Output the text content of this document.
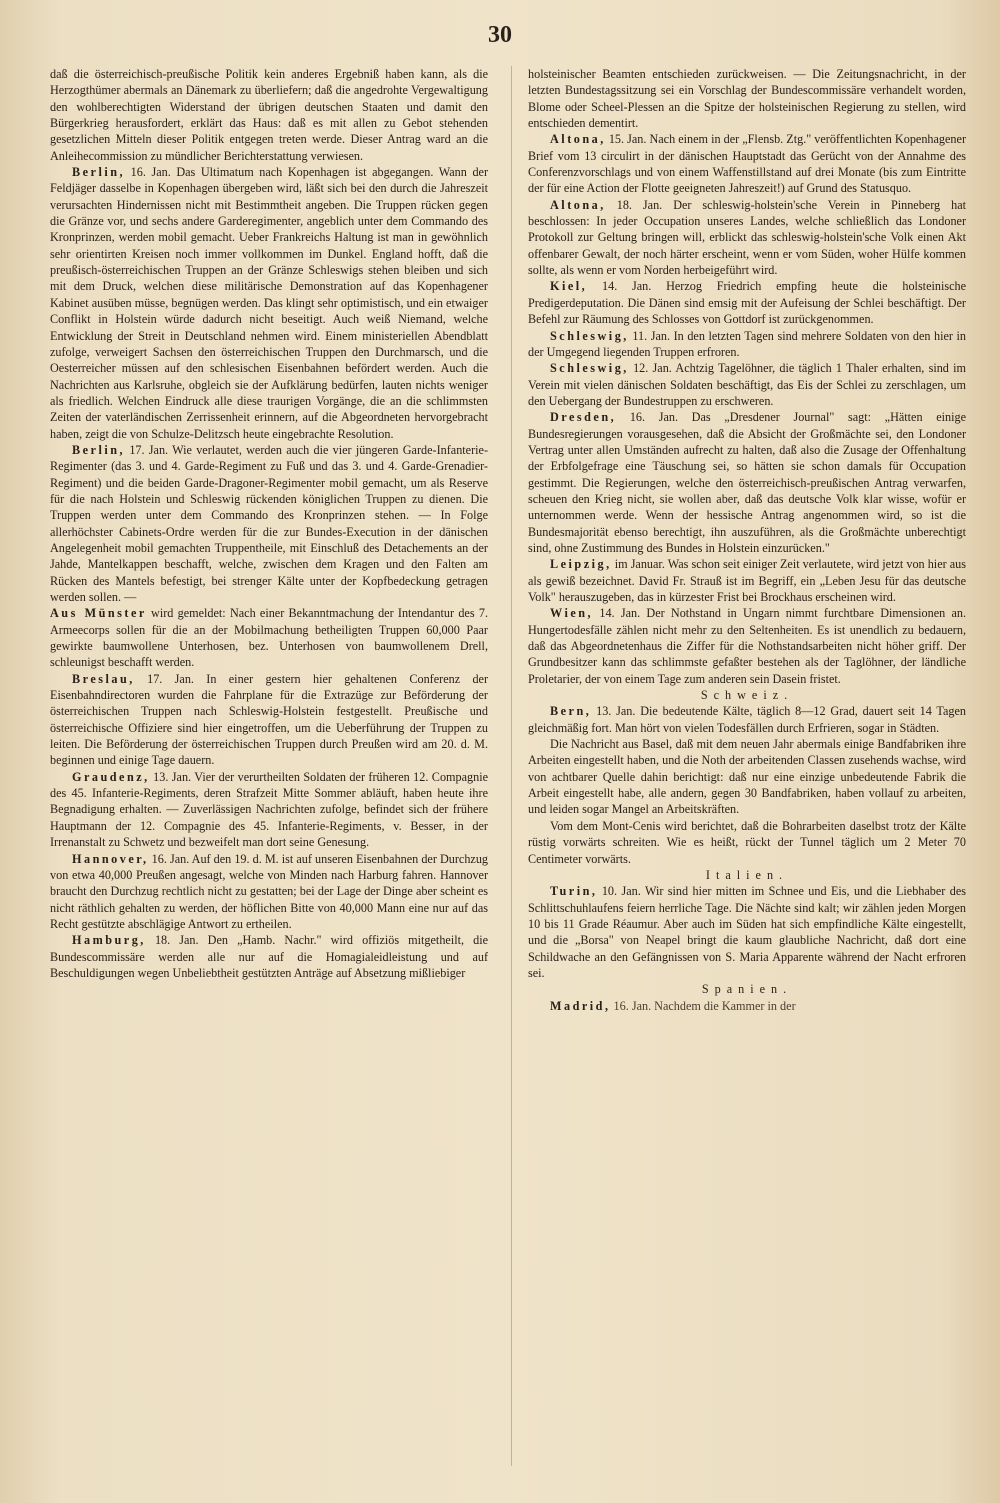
30

daß die österreichisch-preußische Politik kein anderes Ergebniß haben kann, als die Herzogthümer abermals an Dänemark zu überliefern; daß die angedrohte Vergewaltigung den wohlberechtigten Widerstand der übrigen deutschen Staaten und damit den Bürgerkrieg herausfordert, erklärt das Haus: daß es mit allen zu Gebot stehenden gesetzlichen Mitteln dieser Politik entgegen treten werde. Dieser Antrag ward an die Anleihecommission zu mündlicher Berichterstattung verwiesen.

Berlin, 16. Jan. Das Ultimatum nach Kopenhagen ist abgegangen. Wann der Feldjäger dasselbe in Kopenhagen übergeben wird, läßt sich bei den durch die Jahreszeit verursachten Hindernissen nicht mit Bestimmtheit angeben. Die Truppen rücken gegen die Gränze vor, und sechs andere Garderegimenter, angeblich unter dem Commando des Kronprinzen, werden mobil gemacht. Ueber Frankreichs Haltung ist man in gewöhnlich sehr orientirten Kreisen noch immer vollkommen im Dunkel. England hofft, daß die preußisch-österreichischen Truppen an der Gränze Schleswigs stehen bleiben und sich mit dem Druck, welchen diese militärische Demonstration auf das Kopenhagener Kabinet ausüben müsse, begnügen werden. Das klingt sehr optimistisch, und ein etwaiger Conflikt in Holstein würde dadurch nicht beseitigt. Auch weiß Niemand, welche Entwicklung der Streit in Deutschland nehmen wird. Einem ministeriellen Abendblatt zufolge, verweigert Sachsen den österreichischen Truppen den Durchmarsch, und die Oesterreicher müssen auf den schlesischen Eisenbahnen befördert werden. Auch die Nachrichten aus Karlsruhe, obgleich sie der Aufklärung bedürfen, lauten nichts weniger als friedlich. Welchen Eindruck alle diese traurigen Vorgänge, die an die schlimmsten Zeiten der vaterländischen Zerrissenheit erinnern, auf die Abgeordneten hervorgebracht haben, zeigt die von Schulze-Delitzsch heute eingebrachte Resolution.

Berlin, 17. Jan. Wie verlautet, werden auch die vier jüngeren Garde-Infanterie-Regimenter (das 3. und 4. Garde-Regiment zu Fuß und das 3. und 4. Garde-Grenadier-Regiment) und die beiden Garde-Dragoner-Regimenter mobil gemacht, um als Reserve für die nach Holstein und Schleswig rückenden königlichen Truppen zu dienen. Die Truppen werden unter dem Commando des Kronprinzen stehen. — In Folge allerhöchster Cabinets-Ordre werden für die zur Bundes-Execution in der dänischen Angelegenheit mobil gemachten Truppentheile, mit Einschluß des Detachements an der Jahde, Mantelkappen beschafft, welche, zwischen dem Kragen und den Falten am Rücken des Mantels befestigt, bei strenger Kälte unter der Kopfbedeckung getragen werden sollen. —

Aus Münster wird gemeldet: Nach einer Bekanntmachung der Intendantur des 7. Armeecorps sollen für die an der Mobilmachung betheiligten Truppen 60,000 Paar gewirkte baumwollene Unterhosen, bez. Unterhosen von baumwollenem Drell, schleunigst beschafft werden.

Breslau, 17. Jan. In einer gestern hier gehaltenen Conferenz der Eisenbahndirectoren wurden die Fahrplane für die Extrazüge zur Beförderung der österreichischen Truppen nach Schleswig-Holstein festgestellt. Preußische und österreichische Offiziere sind hier eingetroffen, um die Ueberführung der Truppen zu leiten. Die Beförderung der österreichischen Truppen durch Preußen wird am 20. d. M. beginnen und einige Tage dauern.

Graudenz, 13. Jan. Vier der verurtheilten Soldaten der früheren 12. Compagnie des 45. Infanterie-Regiments, deren Strafzeit Mitte Sommer abläuft, haben heute ihre Begnadigung erhalten. — Zuverlässigen Nachrichten zufolge, befindet sich der frühere Hauptmann der 12. Compagnie des 45. Infanterie-Regiments, v. Besser, in der Irrenanstalt zu Schwetz und bezweifelt man dort seine Genesung.

Hannover, 16. Jan. Auf den 19. d. M. ist auf unseren Eisenbahnen der Durchzug von etwa 40,000 Preußen angesagt, welche von Minden nach Harburg fahren. Hannover braucht den Durchzug rechtlich nicht zu gestatten; bei der Lage der Dinge aber scheint es nicht räthlich gehalten zu werden, der höflichen Bitte von 40,000 Mann eine nur auf das Recht gestützte abschlägige Antwort zu ertheilen.

Hamburg, 18. Jan. Den „Hamb. Nachr." wird offiziös mitgetheilt, die Bundescommissäre werden alle nur auf die Homagialeidleistung und auf Beschuldigungen wegen Unbeliebtheit gestützten Anträge auf Absetzung mißliebiger

holsteinischer Beamten entschieden zurückweisen. — Die Zeitungsnachricht, in der letzten Bundestagssitzung sei ein Vorschlag der Bundescommissäre verhandelt worden, Blome oder Scheel-Plessen an die Spitze der holsteinischen Regierung zu stellen, wird entschieden dementirt.

Altona, 15. Jan. Nach einem in der „Flensb. Ztg." veröffentlichten Kopenhagener Brief vom 13 circulirt in der dänischen Hauptstadt das Gerücht von der Annahme des Conferenzvorschlags und von einem Waffenstillstand auf drei Monate (bis zum Eintritte der für eine Action der Flotte geeigneten Jahreszeit!) auf Grund des Statusquo.

Altona, 18. Jan. Der schleswig-holstein'sche Verein in Pinneberg hat beschlossen: In jeder Occupation unseres Landes, welche schließlich das Londoner Protokoll zur Geltung bringen will, erblickt das schleswig-holstein'sche Volk einen Akt offenbarer Gewalt, der noch härter erscheint, wenn er vom Süden, woher Hülfe kommen sollte, als wenn er vom Norden herbeigeführt wird.

Kiel, 14. Jan. Herzog Friedrich empfing heute die holsteinische Predigerdeputation. Die Dänen sind emsig mit der Aufeisung der Schlei beschäftigt. Der Befehl zur Räumung des Schlosses von Gottdorf ist zurückgenommen.

Schleswig, 11. Jan. In den letzten Tagen sind mehrere Soldaten von den hier in der Umgegend liegenden Truppen erfroren.

Schleswig, 12. Jan. Achtzig Tagelöhner, die täglich 1 Thaler erhalten, sind im Verein mit vielen dänischen Soldaten beschäftigt, das Eis der Schlei zu zerschlagen, um den Uebergang der Bundestruppen zu erschweren.

Dresden, 16. Jan. Das „Dresdener Journal" sagt: „Hätten einige Bundesregierungen vorausgesehen, daß die Absicht der Großmächte sei, den Londoner Vertrag unter allen Umständen aufrecht zu halten, daß also die Zusage der Offenhaltung der Erbfolgefrage eine Täuschung sei, so hätten sie schon damals für Occupation gestimmt. Die Regierungen, welche den österreichisch-preußischen Antrag verwarfen, scheuen den Krieg nicht, sie wollen aber, daß das deutsche Volk klar wisse, wofür er unternommen werde. Wenn der hessische Antrag angenommen wird, so ist die Bundesmajorität ebenso berechtigt, ihn auszuführen, als die Großmächte unberechtigt sind, ohne Zustimmung des Bundes in Holstein einzurücken."

Leipzig, im Januar. Was schon seit einiger Zeit verlautete, wird jetzt von hier aus als gewiß bezeichnet. David Fr. Strauß ist im Begriff, ein „Leben Jesu für das deutsche Volk" herauszugeben, das in kürzester Frist bei Brockhaus erscheinen wird.

Wien, 14. Jan. Der Nothstand in Ungarn nimmt furchtbare Dimensionen an. Hungertodesfälle zählen nicht mehr zu den Seltenheiten. Es ist unendlich zu bedauern, daß das Abgeordnetenhaus die Ziffer für die Nothstandsarbeiten nicht höher griff. Der Grundbesitzer kann das schlimmste gefaßter bestehen als der Taglöhner, der ländliche Proletarier, der von einem Tage zum anderen sein Dasein fristet.

Schweiz.

Bern, 13. Jan. Die bedeutende Kälte, täglich 8—12 Grad, dauert seit 14 Tagen gleichmäßig fort. Man hört von vielen Todesfällen durch Erfrieren, sogar in Städten.

Die Nachricht aus Basel, daß mit dem neuen Jahr abermals einige Bandfabriken ihre Arbeiten eingestellt haben, und die Noth der arbeitenden Classen zusehends wachse, wird von achtbarer Quelle dahin berichtigt: daß nur eine einzige unbedeutende Fabrik die Arbeit eingestellt habe, alle andern, gegen 30 Bandfabriken, haben vollauf zu arbeiten, und leiden sogar Mangel an Arbeitskräften.

Vom dem Mont-Cenis wird berichtet, daß die Bohrarbeiten daselbst trotz der Kälte rüstig vorwärts schreiten. Wie es heißt, rückt der Tunnel täglich um 2 Meter 70 Centimeter vorwärts.

Italien.

Turin, 10. Jan. Wir sind hier mitten im Schnee und Eis, und die Liebhaber des Schlittschuhlaufens feiern herrliche Tage. Die Nächte sind kalt; wir zählen jeden Morgen 10 bis 11 Grade Réaumur. Aber auch im Süden hat sich empfindliche Kälte eingestellt, und die „Borsa" von Neapel bringt die kaum glaubliche Nachricht, daß dort eine Schildwache an den Gefängnissen von S. Maria Apparente während der Nacht erfroren sei.

Spanien.

Madrid, 16. Jan. Nachdem die Kammer in der
